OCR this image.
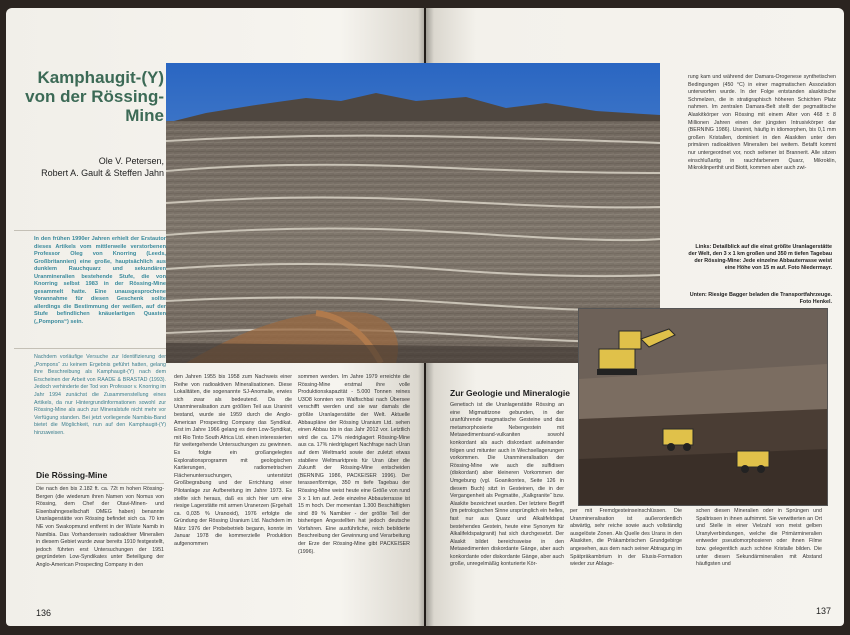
Kamphaugit-(Y) von der Rössing-Mine
Ole V. Petersen,
Robert A. Gault & Steffen Jahn
In den frühen 1990er Jahren erhielt der Erstautor dieses Artikels vom mittlerweile verstorbenen Professor Oleg von Knorring (Leeds, Großbritannien) eine große, hauptsächlich aus dunklem Rauchquarz und sekundären Uranmineralien bestehende Stufe, die von Knorring selbst 1983 in der Rössing-Mine gesammelt hatte. Eine unausgesprochene Vorannahme für diesen Geschenk sollte allerdings die Bestimmung der weißen, auf der Stufe befindlichen knäuelartigen Quasten („Pompons“) sein.
Nachdem vorläufige Versuche zur Identifizierung der „Pompons“ zu keinem Ergebnis geführt hatten, gelang ihre Beschreibung als Kamphaugit-(Y) nach dem Erscheinen der Arbeit von RAADE & BRASTAD (1993). Jedoch verhinderte der Tod von Professor v. Knorring im Jahr 1994 zunächst die Zusammenstellung eines Artikels, da nur Hintergrundinformationen sowohl zur Rössing-Mine als auch zur Mineralstufe nicht mehr vor Verfügung standen. Bei jetzt vorliegende Namibia-Band bietet die Möglichkeit, nun auf den Kamphaugit-(Y) hinzuweisen.
Die Rössing-Mine
Die nach den bis 2.182 ft. ca. 72t m hohen Rössing-Bergen (die wiederum ihren Namen von Nomus von Rössing, dem Chef der Otavi-Minen- und Eisenbahngesellschaft OMEG haben) benannte Uranlagerstätte von Rössing befindet sich ca. 70 km NE von Swakopmund entfernt in der Wüste Namib in Namibia. Das Vorhandensein radioaktiver Mineralien in diesem Gebiet wurde zwar bereits 1910 festgestellt, jedoch führten erst Untersuchungen der 1951 gegründeten Low-Syndikates unter Beteiligung der Anglo-American Prospecting Company in den
den Jahren 1955 bis 1958 zum Nachweis einer Reihe von radioaktiven Mineralisationen. Diese Lokalitäten, die sogenannte SJ-Anomalie, erwies sich zwar als bedeutend. Da die Uranmineralisation zum größten Teil aus Uraninit bestand, wurde sie 1959 durch die Anglo-American Prospecting Company das Syndikat. Erst im Jahre 1966 gelang es dem Low-Syndikat, mit Rio Tinto South Africa Ltd. einen interessierten für weitergehende Untersuchungen zu gewinnen. Es folgte ein großangelegtes Explorationsprogramm mit geologischen Kartierungen, radiometrischen Flächenuntersuchungen, unterstützt Großbegrabung und der Errichtung einer Pilotanlage zur Aufbereitung im Jahre 1973. Es stellte sich heraus, daß es sich hier um eine riesige Lagerstätte mit armen Uranerzen (Ergehalt ca. 0,035 % Uranoxid), 1976 erfolgte die Gründung der Rössing Uranium Ltd. Nachdem im März 1976 der Probebetrieb begann, konnte im Januar 1978 die kommerzielle Produktion aufgenommen
sommen werden. Im Jahre 1979 erreichte die Rössing-Mine erstmal ihre volle Produktionskapazität - 5.000 Tonnen reines U3O8 konnten von Walfischbai nach Übersee verschifft werden und sie war damals die größte Uranlagerstätte der Welt. Aktuelle Abbaupläne der Rössing Uranium Ltd. sehen einen Abbau bis in das Jahr 2012 vor. Letztlich wird die ca. 17% niedriglagert Rössing-Mine aus ca. 17% niedriglagert Nachfrage nach Uran auf dem Weltmarkt sowie der zuletzt etwas stabilere Weltmarktpreis für Uran über die Zukunft der Rössing-Mine entscheiden (BERNING 1986, PACKEISER 1996). Der terassenförmige, 350 m tiefe Tagebau der Rössing-Mine weist heute eine Größe von rund 3 x 1 km auf. Jede einzelne Abbauterrasse ist 15 m hoch. Der momentan 1.300 Beschäftigten sind 89 % Namibier - der größte Teil der bisherigen Angestellten hat jedoch deutsche Vorfahren. Eine ausführliche, reich bebilderte Beschreibung der Gewinnung und Verarbeitung der Erze der Rössing-Mine gibt PACKEISER (1996).
136
rung kam und während der Damara-Orogenese synthetischen Bedingungen (450 °C) in einer magmatischen Assoziation unterworfen wurde. In der Folge entstanden alaskitische Schmelzen, die in stratigraphisch höheren Schichten Platz nahmen. Im zentralen Damara-Belt stellt der pegmatitische Alaskitkörper von Rössing mit einem Alter von 468 ± 8 Millionen Jahren einen der jüngsten Intrusivkörper dar (BERNING 1986). Uraninit, häufig in idiomorphen, bis 0,1 mm großen Kristallen, dominiert in den Alaskiten unter den primären radioaktiven Mineralien bei weitem. Betafit kommt nur untergeordnet vor, noch seltener ist Brannerit. Alle sitzen einschlußartig in rauchfarbenem Quarz, Mikroklin, Mikroklinperthit und Biotit, kommen aber auch zwi-
Links: Detailblick auf die einst größte Uranlagerstätte der Welt, den 3 x 1 km großen und 350 m tiefen Tagebau der Rössing-Mine: Jede einzelne Abbauterrasse weist eine Höhe von 15 m auf. Foto Niedermayr.
Unten: Riesige Bagger beladen die Transportfahrzeuge. Foto Henkel.
Zur Geologie und Mineralogie
Genetisch ist die Uranlagerstätte Rössing an eine Migmatitzone gebunden, in der uranführende magmatische Gesteine und das metamorphosierte Nebengestein mit Metasedimentsand-vulkaniten sowohl konkordant als auch diskordant aufeinander folgen und mitunter auch in Wechsellagerungen vorkommen. Die Uranmineralisation der Rössing-Mine wie auch die sulfidisen (diskordant) aber kleineren Vorkommen der Umgebung (vgl. Goanikontes, Seite 126 in diesem Buch) sitzt in Gesteinen, die in der Vergangenheit als Pegmatite, „Kalkgranite“ bzw. Alaskite bezeichnet wurden. Der letztere Begriff (im petrologischen Sinne ursprünglich ein helles, fast nur aus Quarz und Alkalifeldspat bestehendes Gestein, heute eine Synonym für Alkalifeldspatgranit) hat sich durchgesetzt. Der Alaskit bildet bereichsweise in den Metasedimenten diskordante Gänge, aber auch konkordante oder diskordante Gänge, aber auch große, unregelmäßig konturierte Kör-
per mit Fremdgesteinseinschlüssen. Die Uranmineralisation ist außerordentlich abwärtig, sehr reiche sowie auch vollständig ausgelöste Zonen. Als Quelle des Urans in den Alaskiten, die Präkambrischen Grundgebirge angesehen, aus dem nach seiner Abtragung im Spätpräkambrium in der Etusis-Formation wieder zur Ablage-
schen diesen Mineralien oder in Sprüngen und Spaltrissen in ihnen aufnimmt. Sie verwitterten an Ort und Stelle in einer Vielzahl von meist gelben Uranylverbindungen, welche die Primärmineralien entweder pseudomorphosieren oder ihnen Filme bzw. gelegentlich auch schöne Kristalle bilden. Die unter diesen Sekundärmineralien mit Abstand häufigsten und
137
